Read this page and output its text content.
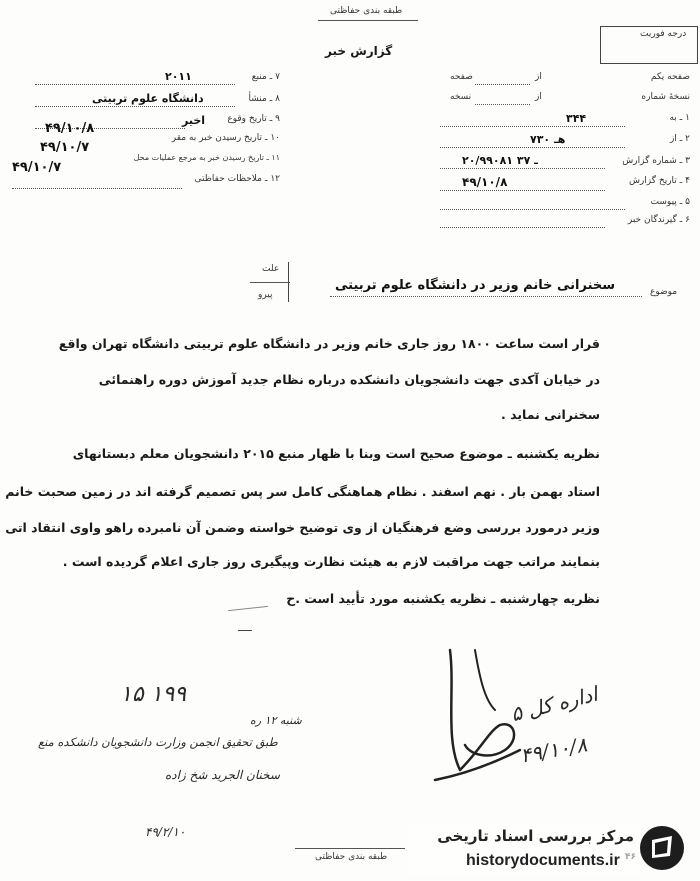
طبقه بندی حفاظتی
گزارش خبر
درجه فوریت
صفحه یکم
از
صفحه
نسخهٔ شماره
از
نسخه
۱ ـ به
۳۴۴
۲ ـ از
۷۳۰ هـ
۳ ـ شماره گزارش
۲۰/۹۹۰۸۱ ـ ۳۷
۴ ـ تاریخ گزارش
۴۹/۱۰/۸
۵ ـ پیوست
۶ ـ گیرندگان خبر
۷ ـ منبع
۲۰۱۱
۸ ـ منشأ
دانشگاه علوم تربیتی
۹ ـ تاریخ وقوع
اخیر
۱۰ ـ تاریخ رسیدن خبر به مقر
۴۹/۱۰/۸
۱۱ ـ تاریخ رسیدن خبر به مرجع عملیات محل
۴۹/۱۰/۷
۱۲ ـ ملاحظات حفاظتی
۴۹/۱۰/۷
موضوع
سخنرانی خانم وزیر در دانشگاه علوم تربیتی
علت
پیرو
قرار است ساعت ۱۸۰۰ روز جاری خانم وزیر در دانشگاه علوم تربیتی دانشگاه تهران واقع
در خیابان آکدی جهت دانشجویان دانشکده درباره نظام جدید آموزش دوره راهنمائی
سخنرانی نماید .
نظریه یکشنبه ـ موضوع صحیح است وبنا با ظهار منبع ۲۰۱۵ دانشجویان معلم دبستانهای
استاد بهمن بار . نهم اسفند . نظام هماهنگی کامل سر پس تصمیم گرفته اند در زمین صحبت خانم
وزیر درمورد بررسی وضع فرهنگیان از وی توضیح خواسته وضمن آن نامبرده راهو واوی انتقاد اتی
بنمایند مراتب جهت مراقبت لازم به هیئت نظارت وپیگیری روز جاری اعلام گردیده است .
نظریه چهارشنبه ـ نظریه یکشنبه مورد تأیید است .ح
۱۵ ۱۹۹
شنبه ۱۲ ره
طبق تحقیق انجمن وزارت دانشجویان دانشکده منع
سخنان الجرید شخ زاده
۴۹/۲/۱۰
اداره کل ۵
۴۹/۱۰/۸
طبقه بندی حفاظتی
مرکز بررسی اسناد تاریخی
historydocuments.ir
